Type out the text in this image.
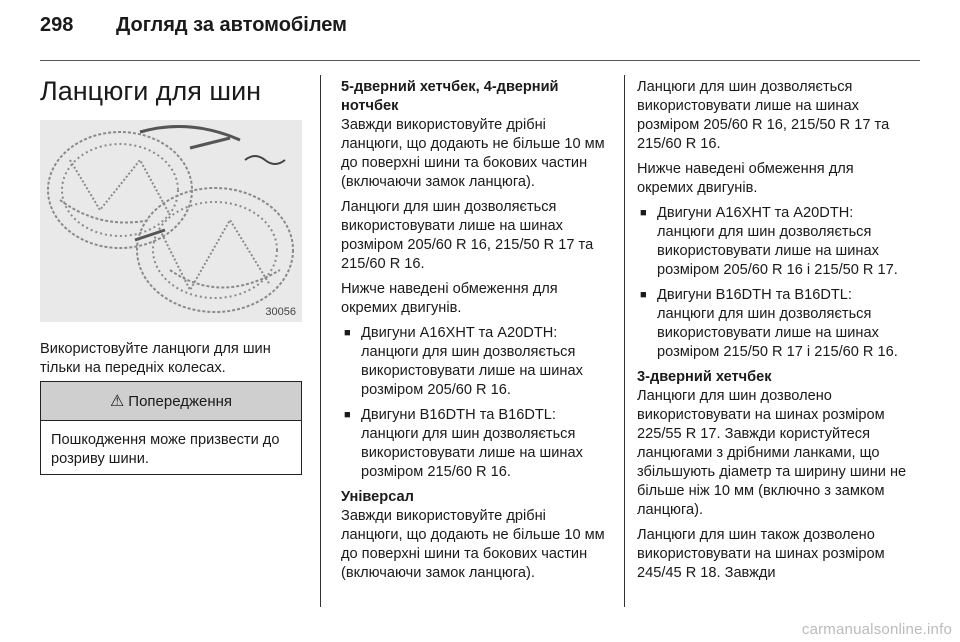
298 Догляд за автомобілем
Ланцюги для шин
30056

Використовуйте ланцюги для шин тільки на передніх колесах.

⚠ Попередження
Пошкодження може призвести до розриву шини.

5-дверний хетчбек, 4-дверний нотчбек

Завжди використовуйте дрібні ланцюги, що додають не більше 10 мм до поверхні шини та бокових частин (включаючи замок ланцюга).

Ланцюги для шин дозволяється використовувати лише на шинах розміром 205/60 R 16, 215/50 R 17 та 215/60 R 16.

Нижче наведені обмеження для окремих двигунів.

■ Двигуни A16XHT та A20DTH: ланцюги для шин дозволяється використовувати лише на шинах розміром 205/60 R 16.
■ Двигуни B16DTH та B16DTL: ланцюги для шин дозволяється використовувати лише на шинах розміром 215/60 R 16.

Універсал

Завжди використовуйте дрібні ланцюги, що додають не більше 10 мм до поверхні шини та бокових частин (включаючи замок ланцюга).

Ланцюги для шин дозволяється використовувати лише на шинах розміром 205/60 R 16, 215/50 R 17 та 215/60 R 16.

Нижче наведені обмеження для окремих двигунів.

■ Двигуни A16XHT та A20DTH: ланцюги для шин дозволяється використовувати лише на шинах розміром 205/60 R 16 і 215/50 R 17.
■ Двигуни B16DTH та B16DTL: ланцюги для шин дозволяється використовувати лише на шинах розміром 215/50 R 17 і 215/60 R 16.

3-дверний хетчбек

Ланцюги для шин дозволено використовувати на шинах розміром 225/55 R 17. Завжди користуйтеся ланцюгами з дрібними ланками, що збільшують діаметр та ширину шини не більше ніж 10 мм (включно з замком ланцюга).

Ланцюги для шин також дозволено використовувати на шинах розміром 245/45 R 18. Завжди

carmanualsonline.info
